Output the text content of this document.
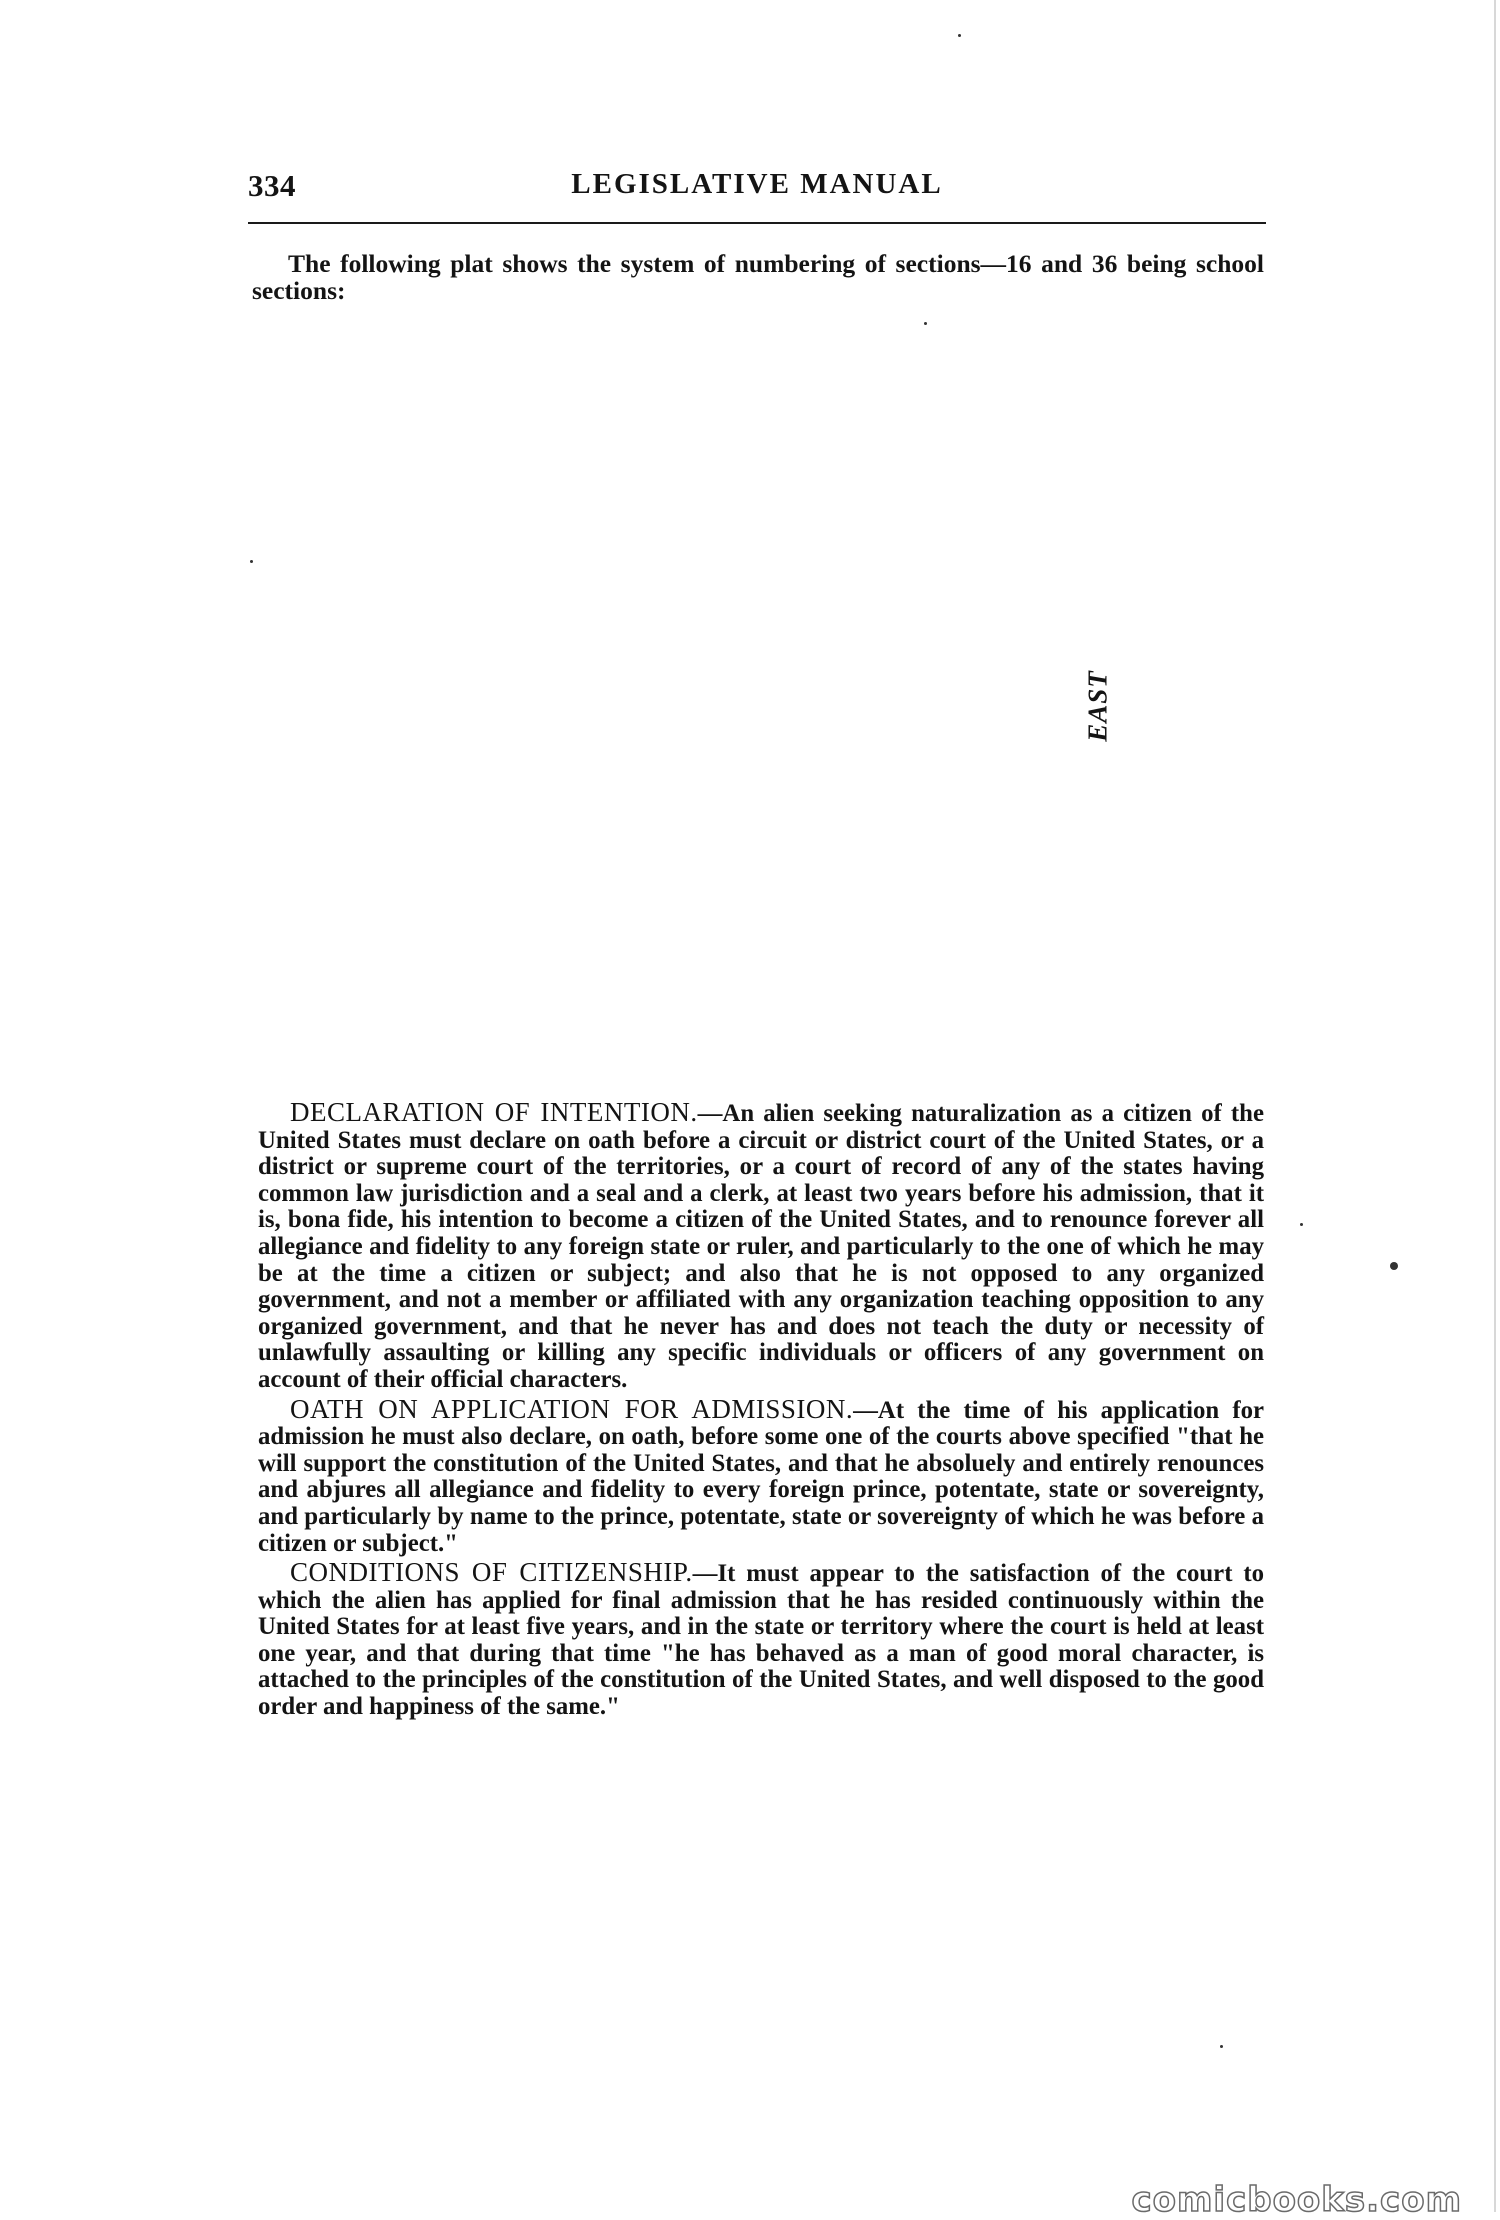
334	LEGISLATIVE MANUAL

The following plat shows the system of numbering of sections—16 and 36 being school sections:

EAST

DECLARATION OF INTENTION.—An alien seeking naturalization as a citizen of the United States must declare on oath before a circuit or district court of the United States, or a district or supreme court of the territories, or a court of record of any of the states having common law jurisdiction and a seal and a clerk, at least two years before his admission, that it is, bona fide, his intention to become a citizen of the United States, and to renounce forever all allegiance and fidelity to any foreign state or ruler, and particularly to the one of which he may be at the time a citizen or subject; and also that he is not opposed to any organized government, and not a member or affiliated with any organization teaching opposition to any organized government, and that he never has and does not teach the duty or necessity of unlawfully assaulting or killing any specific individuals or officers of any government on account of their official characters.

OATH ON APPLICATION FOR ADMISSION.—At the time of his application for admission he must also declare, on oath, before some one of the courts above specified "that he will support the constitution of the United States, and that he absoluely and entirely renounces and abjures all allegiance and fidelity to every foreign prince, potentate, state or sovereignty, and particularly by name to the prince, potentate, state or sovereignty of which he was before a citizen or subject."

CONDITIONS OF CITIZENSHIP.—It must appear to the satisfaction of the court to which the alien has applied for final admission that he has resided continuously within the United States for at least five years, and in the state or territory where the court is held at least one year, and that during that time "he has behaved as a man of good moral character, is attached to the principles of the constitution of the United States, and well disposed to the good order and happiness of the same."

comicbooks.com
